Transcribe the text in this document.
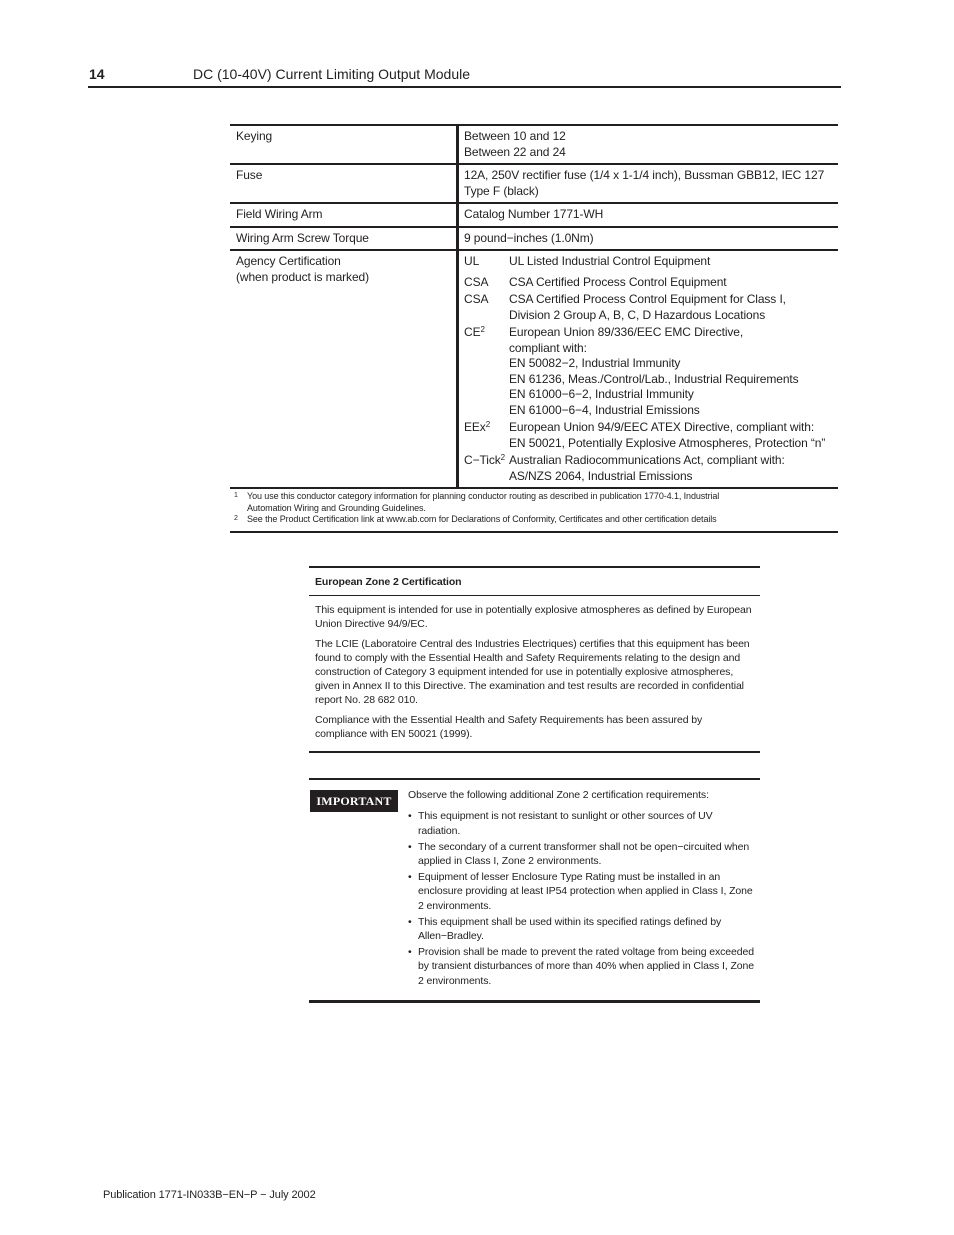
14	DC (10-40V) Current Limiting Output Module
Keying	Between 10 and 12
Between 22 and 24
Fuse	12A, 250V rectifier fuse (1/4 x 1-1/4 inch), Bussman GBB12, IEC 127
Type F (black)
Field Wiring Arm	Catalog Number 1771-WH
Wiring Arm Screw Torque	9 pound−inches (1.0Nm)
Agency Certification
(when product is marked)
UL	UL Listed Industrial Control Equipment
CSA	CSA Certified Process Control Equipment
CSA	CSA Certified Process Control Equipment for Class I,
Division 2 Group A, B, C, D Hazardous Locations
$CE^2$	European Union 89/336/EEC EMC Directive,
compliant with:
EN 50082−2, Industrial Immunity
EN 61236, Meas./Control/Lab., Industrial Requirements
EN 61000−6−2, Industrial Immunity
EN 61000−6−4, Industrial Emissions
EEx$^2$	European Union 94/9/EEC ATEX Directive, compliant with:
EN 50021, Potentially Explosive Atmospheres, Protection “n”
C−Tick$^2$ Australian Radiocommunications Act, compliant with:
AS/NZS 2064, Industrial Emissions
1	You use this conductor category information for planning conductor routing as described in publication 1770-4.1, Industrial
Automation Wiring and Grounding Guidelines.
2	See the Product Certification link at www.ab.com for Declarations of Conformity, Certificates and other certification details
European Zone 2 Certification

This equipment is intended for use in potentially explosive atmospheres as defined by European Union Directive 94/9/EC.

The LCIE (Laboratoire Central des Industries Electriques) certifies that this equipment has been found to comply with the Essential Health and Safety Requirements relating to the design and construction of Category 3 equipment intended for use in potentially explosive atmospheres, given in Annex II to this Directive. The examination and test results are recorded in confidential report No. 28 682 010.

Compliance with the Essential Health and Safety Requirements has been assured by compliance with EN 50021 (1999).

IMPORTANT	Observe the following additional Zone 2 certification requirements:
• This equipment is not resistant to sunlight or other sources of UV radiation.
• The secondary of a current transformer shall not be open−circuited when applied in Class I, Zone 2 environments.
• Equipment of lesser Enclosure Type Rating must be installed in an enclosure providing at least IP54 protection when applied in Class I, Zone 2 environments.
• This equipment shall be used within its specified ratings defined by Allen−Bradley.
• Provision shall be made to prevent the rated voltage from being exceeded by transient disturbances of more than 40% when applied in Class I, Zone 2 environments.
Publication 1771-IN033B−EN−P − July 2002
